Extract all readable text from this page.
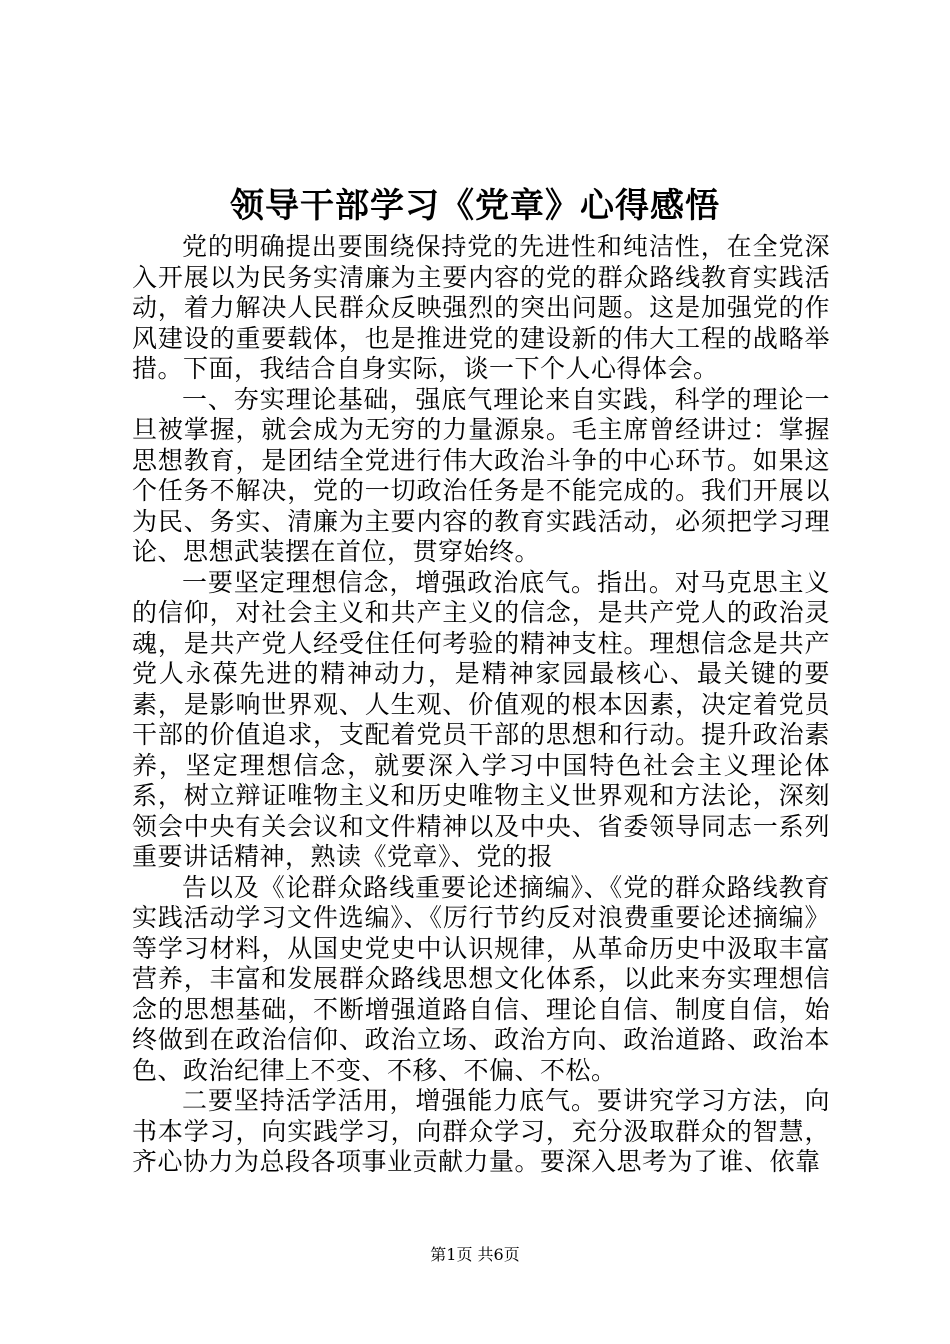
领导干部学习《党章》心得感悟

党的明确提出要围绕保持党的先进性和纯洁性，在全党深入开展以为民务实清廉为主要内容的党的群众路线教育实践活动，着力解决人民群众反映强烈的突出问题。这是加强党的作风建设的重要载体，也是推进党的建设新的伟大工程的战略举措。下面，我结合自身实际，谈一下个人心得体会。

一、夯实理论基础，强底气理论来自实践，科学的理论一旦被掌握，就会成为无穷的力量源泉。毛主席曾经讲过：掌握思想教育，是团结全党进行伟大政治斗争的中心环节。如果这个任务不解决，党的一切政治任务是不能完成的。我们开展以为民、务实、清廉为主要内容的教育实践活动，必须把学习理论、思想武装摆在首位，贯穿始终。

一要坚定理想信念，增强政治底气。指出。对马克思主义的信仰，对社会主义和共产主义的信念，是共产党人的政治灵魂，是共产党人经受住任何考验的精神支柱。理想信念是共产党人永葆先进的精神动力，是精神家园最核心、最关键的要素，是影响世界观、人生观、价值观的根本因素，决定着党员干部的价值追求，支配着党员干部的思想和行动。提升政治素养，坚定理想信念，就要深入学习中国特色社会主义理论体系，树立辩证唯物主义和历史唯物主义世界观和方法论，深刻领会中央有关会议和文件精神以及中央、省委领导同志一系列重要讲话精神，熟读《党章》、党的报

告以及《论群众路线重要论述摘编》、《党的群众路线教育实践活动学习文件选编》、《厉行节约反对浪费重要论述摘编》等学习材料，从国史党史中认识规律，从革命历史中汲取丰富营养，丰富和发展群众路线思想文化体系，以此来夯实理想信念的思想基础，不断增强道路自信、理论自信、制度自信，始终做到在政治信仰、政治立场、政治方向、政治道路、政治本色、政治纪律上不变、不移、不偏、不松。

二要坚持活学活用，增强能力底气。要讲究学习方法，向书本学习，向实践学习，向群众学习，充分汲取群众的智慧，齐心协力为总段各项事业贡献力量。要深入思考为了谁、依靠

第1页 共6页
